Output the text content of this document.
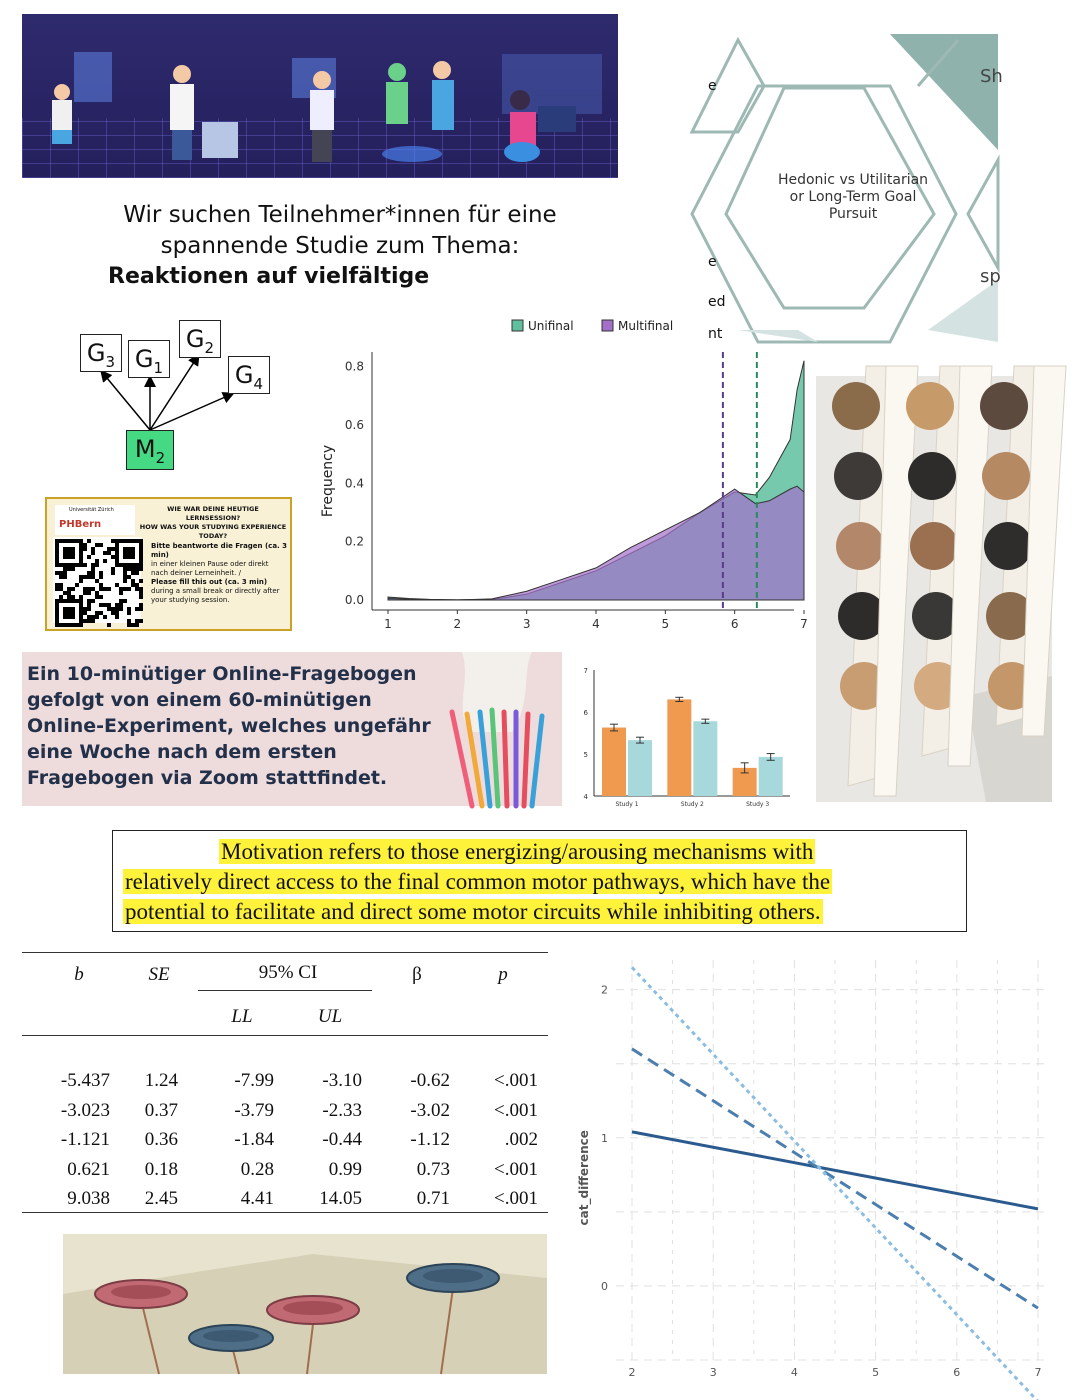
Wir suchen Teilnehmer*innen für eine
spannende Studie zum Thema:
Reaktionen auf vielfältige
Hedonic vs Utilitarian
or Long-Term Goal
Pursuit
Sh
sp
e
e
ed
nt
$G_3$ $G_1$
$G_2$
$G_4$
$M_2$
0.0
0.2
0.4
0.6
0.8
1	2	3	4	5	6	7
Frequency
Unifinal	Multifinal
Universität Zürich
PHBern
WIE WAR DEINE HEUTIGE LERNSESSION?
HOW WAS YOUR STUDYING EXPERIENCE TODAY?
Bitte beantworte die Fragen (ca. 3 min)
in einer kleinen Pause oder direkt nach deiner Lerneinheit. /
Please fill this out (ca. 3 min)
during a small break or directly after your studying session.
Ein 10-minütiger Online-Fragebogen
gefolgt von einem 60-minütigen
Online-Experiment, welches ungefähr
eine Woche nach dem ersten
Fragebogen via Zoom stattfindet.
4
5
6
7
Study 1	Study 2	Study 3
Motivation refers to those energizing/arousing mechanisms with
relatively direct access to the final common motor pathways, which have the
potential to facilitate and direct some motor circuits while inhibiting others.
b	SE	95% CI
LL	UL
β	p
-5.437	1.24	-7.99	-3.10	-0.62	<.001
-3.023	0.37	-3.79	-2.33	-3.02	<.001
-1.121	0.36	-1.84	-0.44	-1.12	.002
0.621	0.18	0.28	0.99	0.73	<.001
9.038	2.45	4.41	14.05	0.71	<.001
0
1
2
2	3	4	5	6	7
cat_difference
